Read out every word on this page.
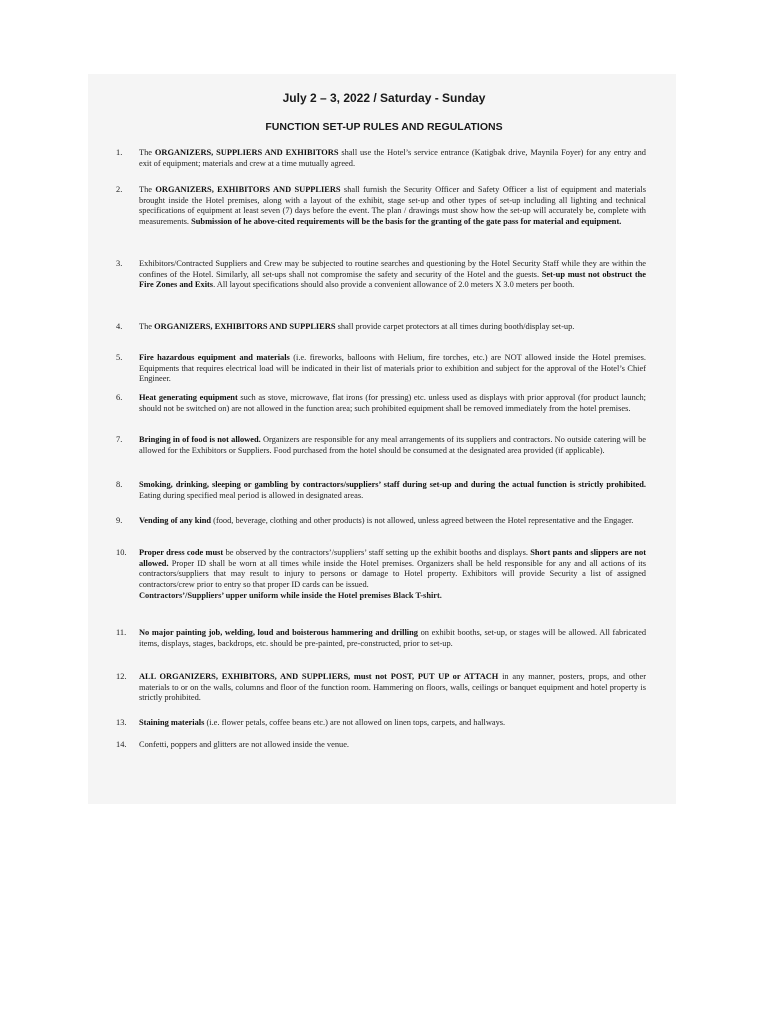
July 2 – 3, 2022 / Saturday - Sunday
FUNCTION SET-UP RULES AND REGULATIONS
1.	The ORGANIZERS, SUPPLIERS AND EXHIBITORS shall use the Hotel’s service entrance (Katigbak drive, Maynila Foyer) for any entry and exit of equipment; materials and crew at a time mutually agreed.
2.	The ORGANIZERS, EXHIBITORS AND SUPPLIERS shall furnish the Security Officer and Safety Officer a list of equipment and materials brought inside the Hotel premises, along with a layout of the exhibit, stage set-up and other types of set-up including all lighting and technical specifications of equipment at least seven (7) days before the event. The plan / drawings must show how the set-up will accurately be, complete with measurements. Submission of he above-cited requirements will be the basis for the granting of the gate pass for material and equipment.
3.	Exhibitors/Contracted Suppliers and Crew may be subjected to routine searches and questioning by the Hotel Security Staff while they are within the confines of the Hotel. Similarly, all set-ups shall not compromise the safety and security of the Hotel and the guests. Set-up must not obstruct the Fire Zones and Exits. All layout specifications should also provide a convenient allowance of 2.0 meters X 3.0 meters per booth.
4.	The ORGANIZERS, EXHIBITORS AND SUPPLIERS shall provide carpet protectors at all times during booth/display set-up.
5.	Fire hazardous equipment and materials (i.e. fireworks, balloons with Helium, fire torches, etc.) are NOT allowed inside the Hotel premises. Equipments that requires electrical load will be indicated in their list of materials prior to exhibition and subject for the approval of the Hotel’s Chief Engineer.
6.	Heat generating equipment such as stove, microwave, flat irons (for pressing) etc. unless used as displays with prior approval (for product launch; should not be switched on) are not allowed in the function area; such prohibited equipment shall be removed immediately from the hotel premises.
7.	Bringing in of food is not allowed. Organizers are responsible for any meal arrangements of its suppliers and contractors. No outside catering will be allowed for the Exhibitors or Suppliers. Food purchased from the hotel should be consumed at the designated area provided (if applicable).
8.	Smoking, drinking, sleeping or gambling by contractors/suppliers’ staff during set-up and during the actual function is strictly prohibited. Eating during specified meal period is allowed in designated areas.
9.	Vending of any kind (food, beverage, clothing and other products) is not allowed, unless agreed between the Hotel representative and the Engager.
10.	Proper dress code must be observed by the contractors’/suppliers’ staff setting up the exhibit booths and displays. Short pants and slippers are not allowed. Proper ID shall be worn at all times while inside the Hotel premises. Organizers shall be held responsible for any and all actions of its contractors/suppliers that may result to injury to persons or damage to Hotel property. Exhibitors will provide Security a list of assigned contractors/crew prior to entry so that proper ID cards can be issued.
Contractors’/Suppliers’ upper uniform while inside the Hotel premises Black T-shirt.
11.	No major painting job, welding, loud and boisterous hammering and drilling on exhibit booths, set-up, or stages will be allowed. All fabricated items, displays, stages, backdrops, etc. should be pre-painted, pre-constructed, prior to set-up.
12.	ALL ORGANIZERS, EXHIBITORS, AND SUPPLIERS, must not POST, PUT UP or ATTACH in any manner, posters, props, and other materials to or on the walls, columns and floor of the function room. Hammering on floors, walls, ceilings or banquet equipment and hotel property is strictly prohibited.
13.	Staining materials (i.e. flower petals, coffee beans etc.) are not allowed on linen tops, carpets, and hallways.
14.	Confetti, poppers and glitters are not allowed inside the venue.
